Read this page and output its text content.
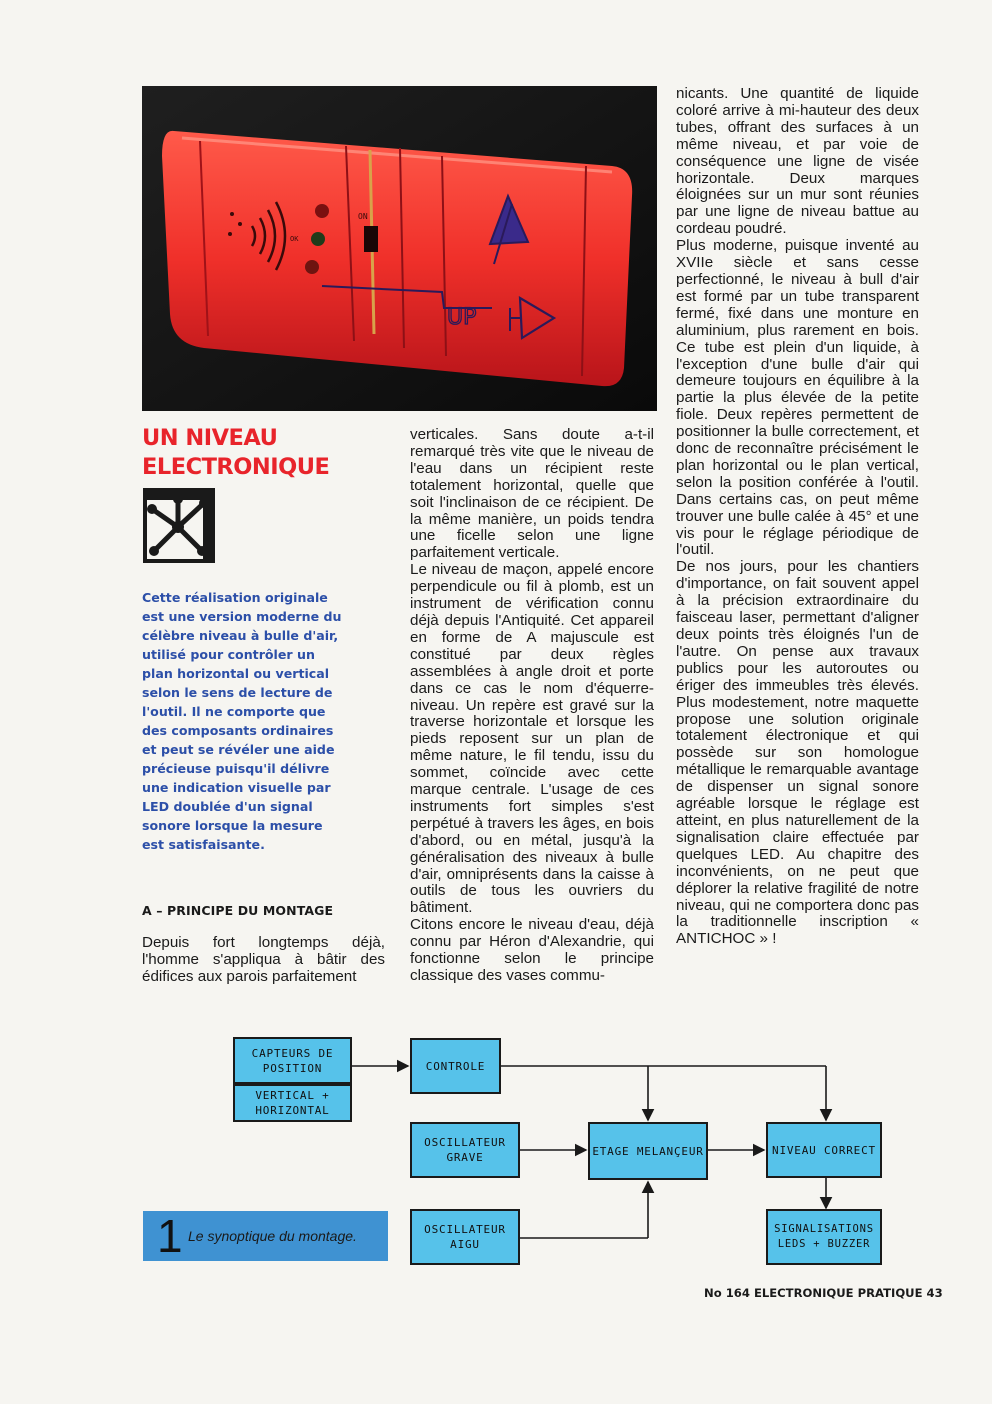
ON
OK
UP
UN NIVEAU
ELECTRONIQUE

Cette réalisation originale est une version moderne du célèbre niveau à bulle d'air, utilisé pour contrôler un plan horizontal ou vertical selon le sens de lecture de l'outil. Il ne comporte que des composants ordinaires et peut se révéler une aide précieuse puisqu'il délivre une indication visuelle par LED doublée d'un signal sonore lorsque la mesure est satisfaisante.

A – PRINCIPE DU MONTAGE

Depuis fort longtemps déjà, l'homme s'appliqua à bâtir des édifices aux parois parfaitement

verticales. Sans doute a-t-il remarqué très vite que le niveau de l'eau dans un récipient reste totalement horizontal, quelle que soit l'inclinaison de ce récipient. De la même manière, un poids tendra une ficelle selon une ligne parfaitement verticale.

Le niveau de maçon, appelé encore perpendicule ou fil à plomb, est un instrument de vérification connu déjà depuis l'Antiquité. Cet appareil en forme de A majuscule est constitué par deux règles assemblées à angle droit et porte dans ce cas le nom d'équerre-niveau. Un repère est gravé sur la traverse horizontale et lorsque les pieds reposent sur un plan de même nature, le fil tendu, issu du sommet, coïncide avec cette marque centrale. L'usage de ces instruments fort simples s'est perpétué à travers les âges, en bois d'abord, ou en métal, jusqu'à la généralisation des niveaux à bulle d'air, omniprésents dans la caisse à outils de tous les ouvriers du bâtiment.

Citons encore le niveau d'eau, déjà connu par Héron d'Alexandrie, qui fonctionne selon le principe classique des vases commu-

nicants. Une quantité de liquide coloré arrive à mi-hauteur des deux tubes, offrant des surfaces à un même niveau, et par voie de conséquence une ligne de visée horizontale. Deux marques éloignées sur un mur sont réunies par une ligne de niveau battue au cordeau poudré.

Plus moderne, puisque inventé au XVIIe siècle et sans cesse perfectionné, le niveau à bull d'air est formé par un tube transparent fermé, fixé dans une monture en aluminium, plus rarement en bois. Ce tube est plein d'un liquide, à l'exception d'une bulle d'air qui demeure toujours en équilibre à la partie la plus élevée de la petite fiole. Deux repères permettent de positionner la bulle correctement, et donc de reconnaître précisément le plan horizontal ou le plan vertical, selon la position conférée à l'outil. Dans certains cas, on peut même trouver une bulle calée à 45° et une vis pour le réglage périodique de l'outil.

De nos jours, pour les chantiers d'importance, on fait souvent appel à la précision extraordinaire du faisceau laser, permettant d'aligner deux points très éloignés l'un de l'autre. On pense aux travaux publics pour les autoroutes ou ériger des immeubles très élevés. Plus modestement, notre maquette propose une solution originale totalement électronique et qui possède sur son homologue métallique le remarquable avantage de dispenser un signal sonore agréable lorsque le réglage est atteint, en plus naturellement de la signalisation claire effectuée par quelques LED. Au chapitre des inconvénients, on ne peut que déplorer la relative fragilité de notre niveau, qui ne comportera donc pas la traditionnelle inscription « ANTICHOC » !

CAPTEURS DE POSITION
VERTICAL + HORIZONTAL
CONTROLE
OSCILLATEUR GRAVE	ETAGE MELANÇEUR	NIVEAU CORRECT
OSCILLATEUR AIGU
SIGNALISATIONS LEDS + BUZZER
1 Le synoptique du montage.
No 164 ELECTRONIQUE PRATIQUE 43
